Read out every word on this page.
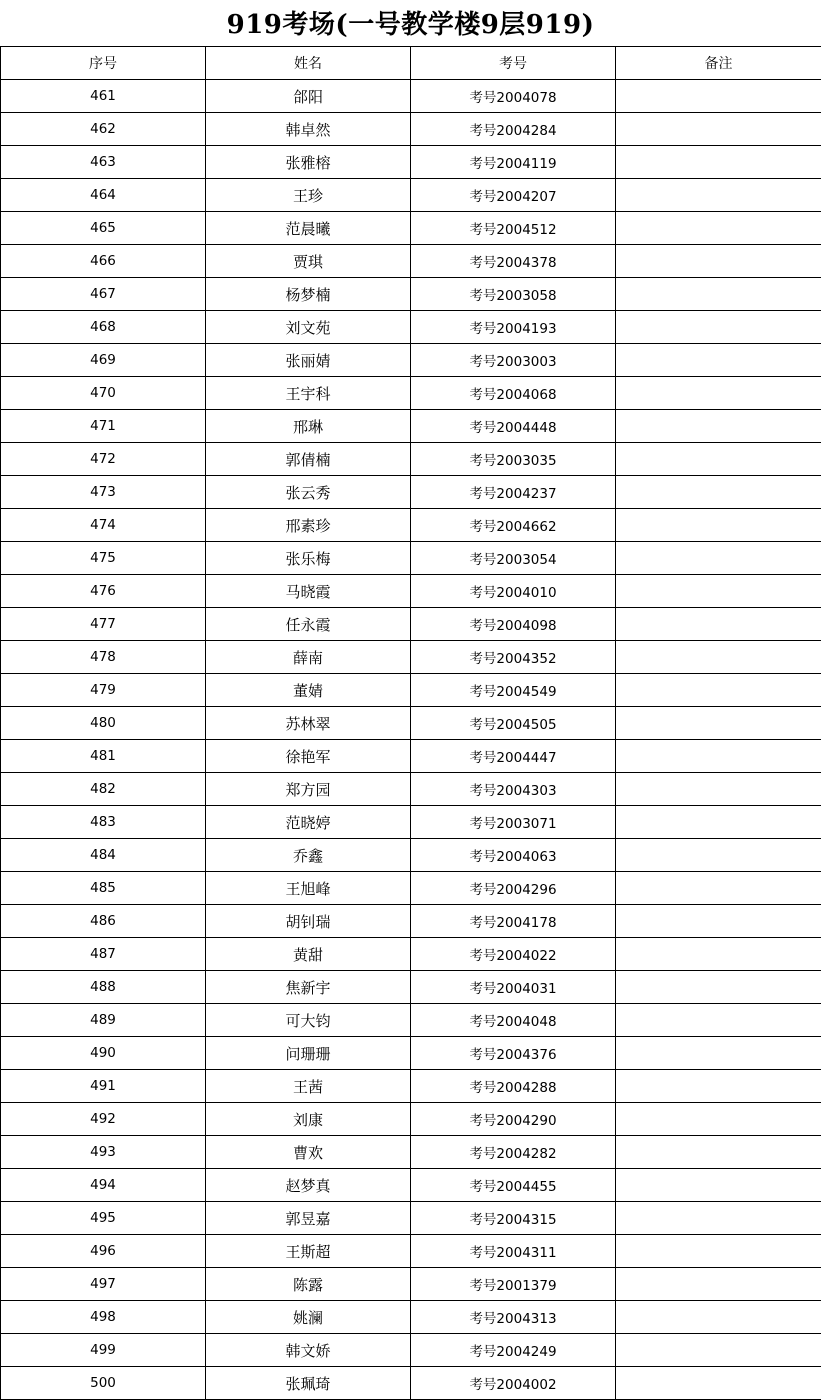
919考场(一号教学楼9层919)
序号	姓名	考号	备注
461	郃阳	考号2004078	
462	韩卓然	考号2004284	
463	张雅榕	考号2004119	
464	王珍	考号2004207	
465	范晨曦	考号2004512	
466	贾琪	考号2004378	
467	杨梦楠	考号2003058	
468	刘文苑	考号2004193	
469	张丽婧	考号2003003	
470	王宇科	考号2004068	
471	邢琳	考号2004448	
472	郭倩楠	考号2003035	
473	张云秀	考号2004237	
474	邢素珍	考号2004662	
475	张乐梅	考号2003054	
476	马晓霞	考号2004010	
477	任永霞	考号2004098	
478	薛南	考号2004352	
479	董婧	考号2004549	
480	苏林翠	考号2004505	
481	徐艳军	考号2004447	
482	郑方园	考号2004303	
483	范晓婷	考号2003071	
484	乔鑫	考号2004063	
485	王旭峰	考号2004296	
486	胡钊瑞	考号2004178	
487	黄甜	考号2004022	
488	焦新宇	考号2004031	
489	可大钧	考号2004048	
490	问珊珊	考号2004376	
491	王茜	考号2004288	
492	刘康	考号2004290	
493	曹欢	考号2004282	
494	赵梦真	考号2004455	
495	郭昱嘉	考号2004315	
496	王斯超	考号2004311	
497	陈露	考号2001379	
498	姚澜	考号2004313	
499	韩文娇	考号2004249	
500	张珮琦	考号2004002	
